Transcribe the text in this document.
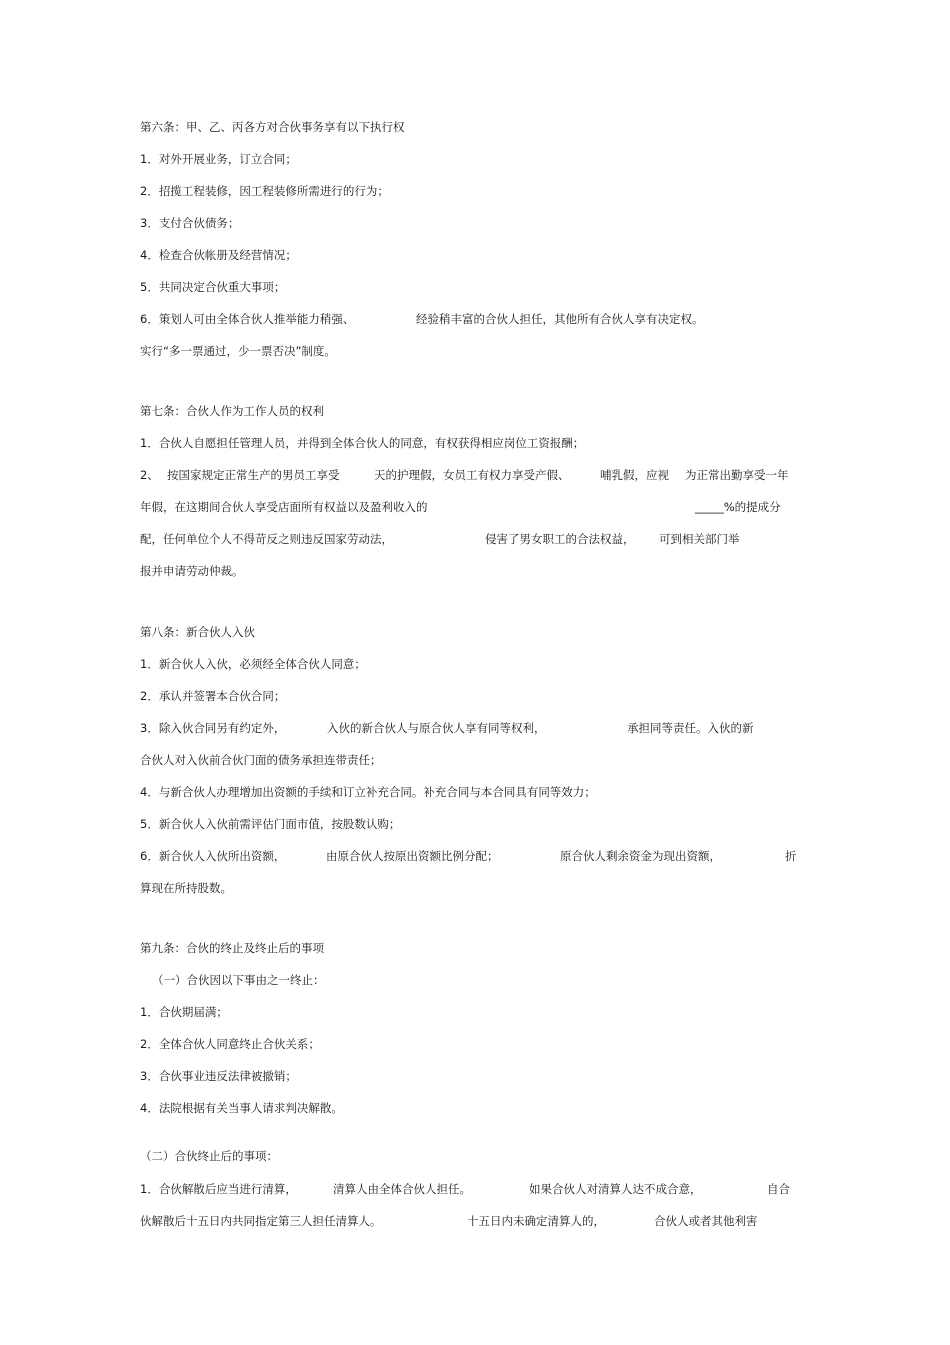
第六条：甲、乙、丙各方对合伙事务享有以下执行权
1．对外开展业务，订立合同；
2．招揽工程装修，因工程装修所需进行的行为；
3．支付合伙债务；
4．检查合伙帐册及经营情况；
5．共同决定合伙重大事项；
6．策划人可由全体合伙人推举能力稍强、	经验稍丰富的合伙人担任，其他所有合伙人享有决定权。
实行“多一票通过，少一票否决”制度。
第七条：合伙人作为工作人员的权利
1．合伙人自愿担任管理人员，并得到全体合伙人的同意，有权获得相应岗位工资报酬；
2、 按国家规定正常生产的男员工享受	天的护理假，女员工有权力享受产假、	哺乳假，应视 为正常出勤享受一年
年假，在这期间合伙人享受店面所有权益以及盈利收入的	_____%的提成分
配，任何单位个人不得苛反之则违反国家劳动法，	侵害了男女职工的合法权益， 可到相关部门举
报并申请劳动仲裁。
第八条：新合伙人入伙
1．新合伙人入伙，必须经全体合伙人同意；
2．承认并签署本合伙合同；
3．除入伙合同另有约定外，	入伙的新合伙人与原合伙人享有同等权利，	承担同等责任。入伙的新
合伙人对入伙前合伙门面的债务承担连带责任；
4．与新合伙人办理增加出资额的手续和订立补充合同。补充合同与本合同具有同等效力；
5．新合伙人入伙前需评估门面市值，按股数认购；
6．新合伙人入伙所出资额，	由原合伙人按原出资额比例分配；	原合伙人剩余资金为现出资额，	折
算现在所持股数。
第九条：合伙的终止及终止后的事项
（一）合伙因以下事由之一终止：
1．合伙期届满；
2．全体合伙人同意终止合伙关系；
3．合伙事业违反法律被撤销；
4．法院根据有关当事人请求判决解散。
（二）合伙终止后的事项：
1．合伙解散后应当进行清算，	清算人由全体合伙人担任。	如果合伙人对清算人达不成合意，	自合
伙解散后十五日内共同指定第三人担任清算人。	十五日内未确定清算人的，	合伙人或者其他利害
